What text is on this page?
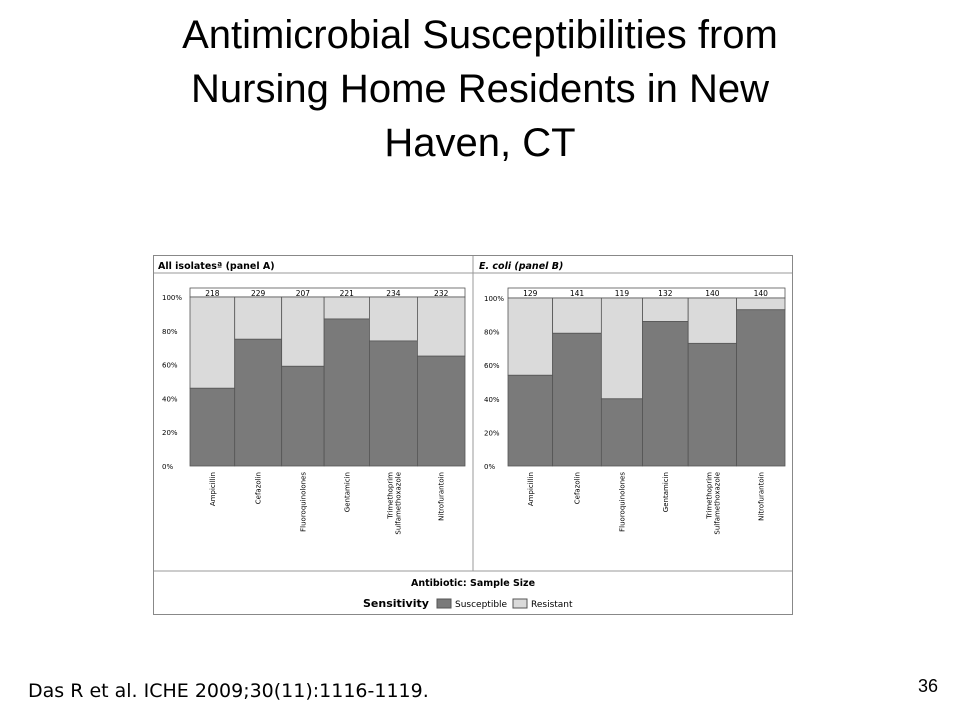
Antimicrobial Susceptibilities from
Nursing Home Residents in New
Haven, CT
All isolatesª (panel A)	E. coli (panel B)
0%
20%
40%
60%
80%
100%	218
Ampicillin
229
Cefazolin
207
Fluoroquinolones
221
Gentamicin
234
TrimethoprimSulfamethoxazole
232
Nitrofurantoin
0%
20%
40%
60%
80%
100%
129
Ampicillin
141
Cefazolin
119
Fluoroquinolones
132
Gentamicin
140
TrimethoprimSulfamethoxazole
140
Nitrofurantoin
Antibiotic: Sample Size
Sensitivity	Susceptible	Resistant
Das R et al. ICHE 2009;30(11):1116-1119.	36
